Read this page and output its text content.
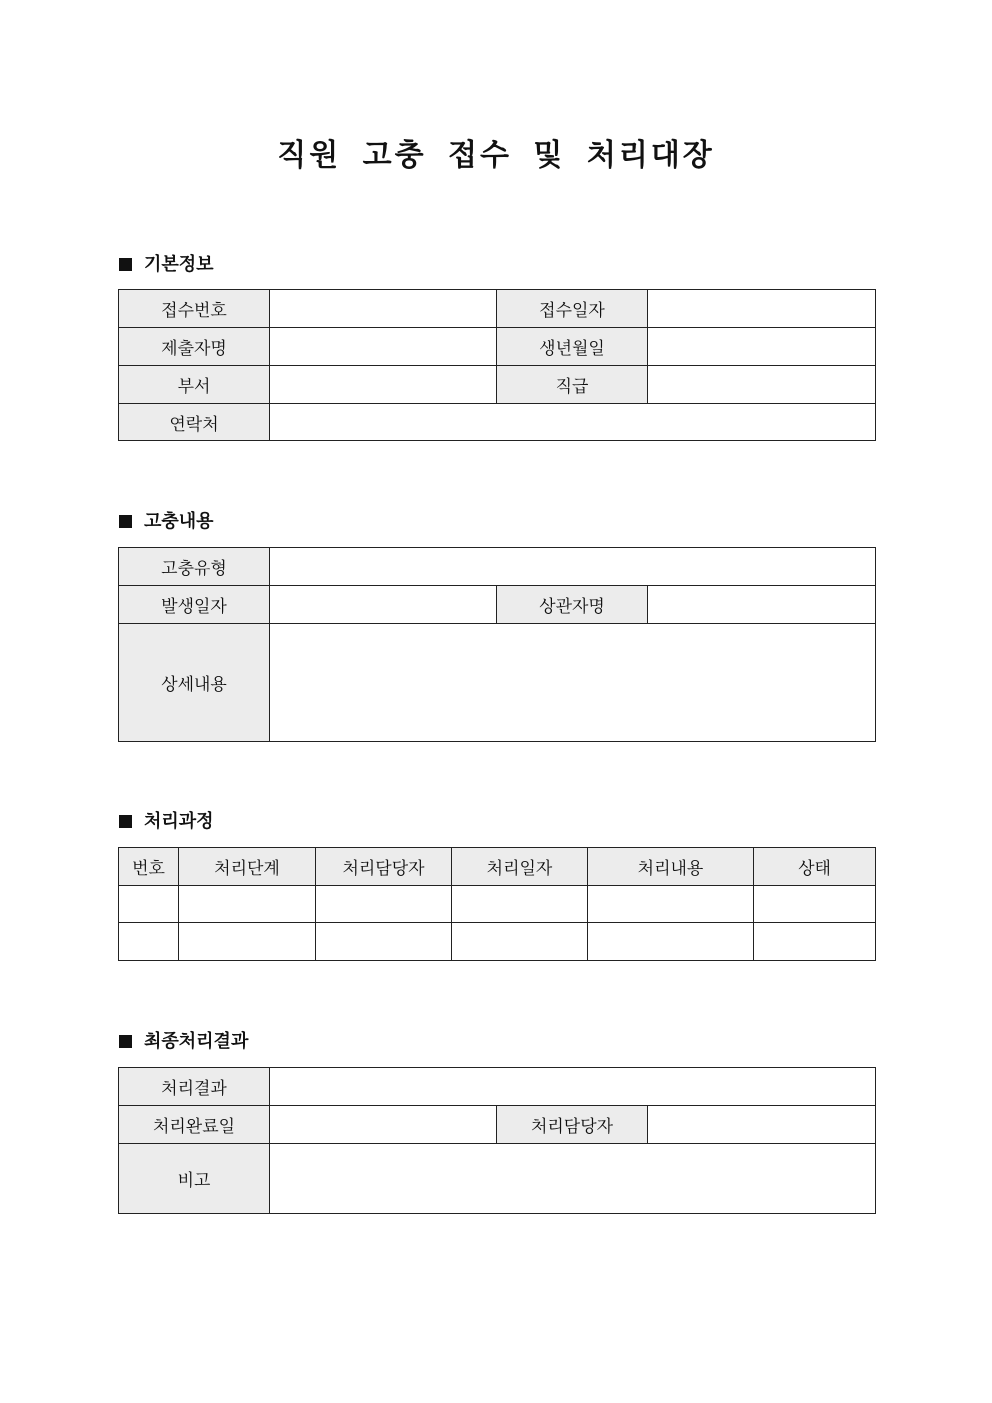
직원 고충 접수 및 처리대장
기본정보
접수번호		접수일자	
제출자명		생년월일	
부서		직급	
연락처			
고충내용
고충유형			
발생일자		상관자명	
상세내용			
처리과정
번호	처리단계	처리담당자	처리일자	처리내용	상태

최종처리결과
처리결과			
처리완료일		처리담당자	
비고			
